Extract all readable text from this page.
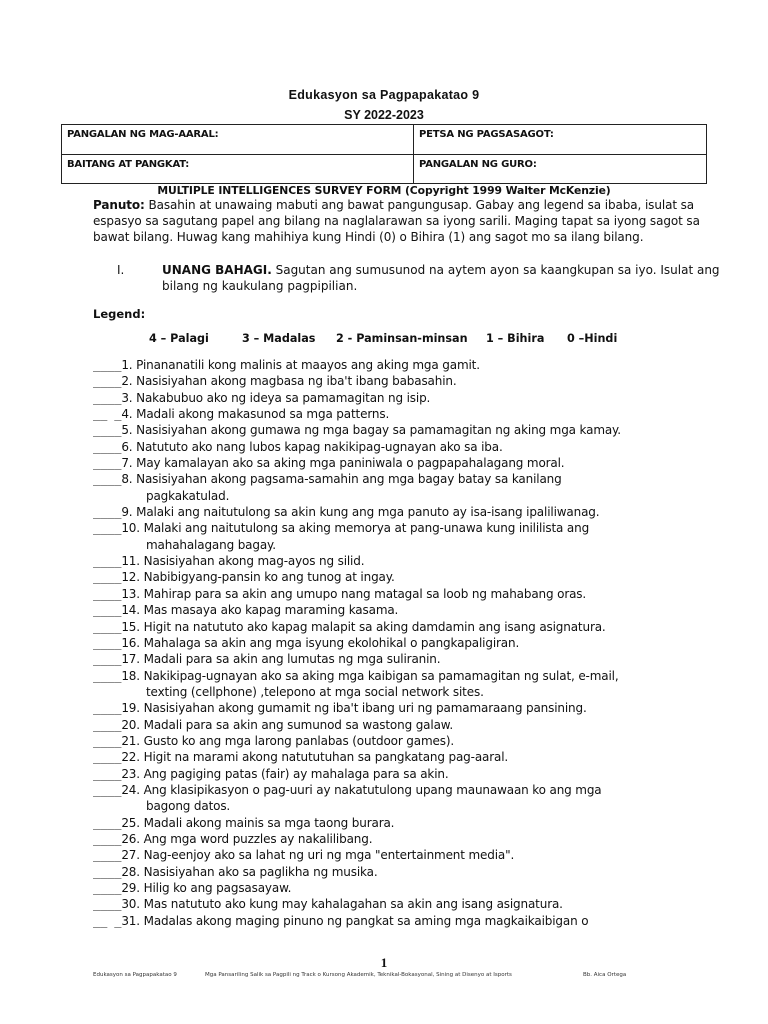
Edukasyon sa Pagpapakatao 9
SY 2022-2023
PANGALAN NG MAG-AARAL:	PETSA NG PAGSASAGOT:
BAITANG AT PANGKAT:	PANGALAN NG GURO:
MULTIPLE INTELLIGENCES SURVEY FORM (Copyright 1999 Walter McKenzie)
Panuto: Basahin at unawaing mabuti ang bawat pangungusap. Gabay ang legend sa ibaba, isulat sa espasyo sa sagutang papel ang bilang na naglalarawan sa iyong sarili. Maging tapat sa iyong sagot sa bawat bilang. Huwag kang mahihiya kung Hindi (0) o Bihira (1) ang sagot mo sa ilang bilang.
I.	UNANG BAHAGI. Sagutan ang sumusunod na aytem ayon sa kaangkupan sa iyo. Isulat ang bilang ng kaukulang pagpipilian.
Legend:
4 – Palagi	3 – Madalas 2 - Paminsan-minsan 1 – Bihira 0 –Hindi
____1. Pinananatili kong malinis at maayos ang aking mga gamit.
____2. Nasisiyahan akong magbasa ng iba't ibang babasahin.
____3. Nakabubuo ako ng ideya sa pamamagitan ng isip.
__ _4. Madali akong makasunod sa mga patterns.
____5. Nasisiyahan akong gumawa ng mga bagay sa pamamagitan ng aking mga kamay.
____6. Natututo ako nang lubos kapag nakikipag-ugnayan ako sa iba.
____7. May kamalayan ako sa aking mga paniniwala o pagpapahalagang moral.
____8. Nasisiyahan akong pagsama-samahin ang mga bagay batay sa kanilang
pagkakatulad.
____9. Malaki ang naitutulong sa akin kung ang mga panuto ay isa-isang ipaliliwanag.
____10. Malaki ang naitutulong sa aking memorya at pang-unawa kung inililista ang
mahahalagang bagay.
____11. Nasisiyahan akong mag-ayos ng silid.
____12. Nabibigyang-pansin ko ang tunog at ingay.
____13. Mahirap para sa akin ang umupo nang matagal sa loob ng mahabang oras.
____14. Mas masaya ako kapag maraming kasama.
____15. Higit na natututo ako kapag malapit sa aking damdamin ang isang asignatura.
____16. Mahalaga sa akin ang mga isyung ekolohikal o pangkapaligiran.
____17. Madali para sa akin ang lumutas ng mga suliranin.
____18. Nakikipag-ugnayan ako sa aking mga kaibigan sa pamamagitan ng sulat, e-mail,
texting (cellphone) ,telepono at mga social network sites.
____19. Nasisiyahan akong gumamit ng iba't ibang uri ng pamamaraang pansining.
____20. Madali para sa akin ang sumunod sa wastong galaw.
____21. Gusto ko ang mga larong panlabas (outdoor games).
____22. Higit na marami akong natututuhan sa pangkatang pag-aaral.
____23. Ang pagiging patas (fair) ay mahalaga para sa akin.
____24. Ang klasipikasyon o pag-uuri ay nakatutulong upang maunawaan ko ang mga
bagong datos.
____25. Madali akong mainis sa mga taong burara.
____26. Ang mga word puzzles ay nakalilibang.
____27. Nag-eenjoy ako sa lahat ng uri ng mga "entertainment media".
____28. Nasisiyahan ako sa paglikha ng musika.
____29. Hilig ko ang pagsasayaw.
____30. Mas natututo ako kung may kahalagahan sa akin ang isang asignatura.
__ _31. Madalas akong maging pinuno ng pangkat sa aming mga magkaikaibigan o
1
Edukasyon sa Pagpapakatao 9	Mga Pansariling Salik sa Pagpili ng Track o Kursong Akademik, Teknikal-Bokasyonal, Sining at Disenyo at Isports	Bb. Aica Ortega
